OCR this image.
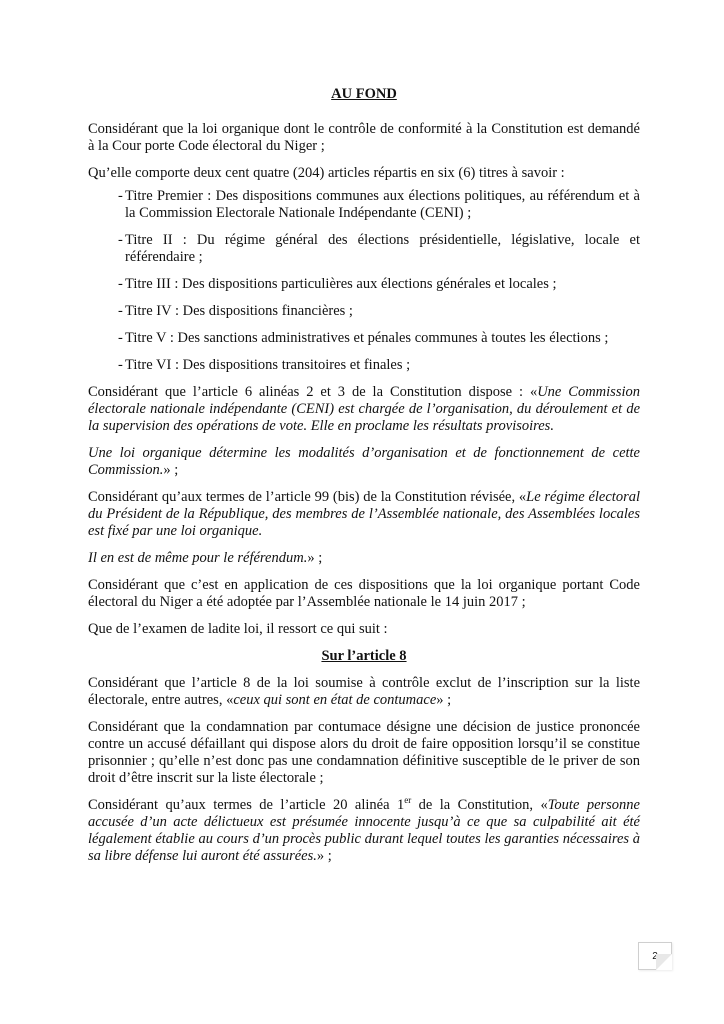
AU FOND

Considérant que la loi organique dont le contrôle de conformité à la Constitution est demandé à la Cour porte Code électoral du Niger ;

Qu’elle comporte deux cent quatre (204) articles répartis en six (6) titres à savoir :

- Titre Premier : Des dispositions communes aux élections politiques, au référendum et à la Commission Electorale Nationale Indépendante (CENI) ;
- Titre II : Du régime général des élections présidentielle, législative, locale et référendaire ;
- Titre III : Des dispositions particulières aux élections générales et locales ;
- Titre IV : Des dispositions financières ;
- Titre V : Des sanctions administratives et pénales communes à toutes les élections ;
- Titre VI : Des dispositions transitoires et finales ;

Considérant que l’article 6 alinéas 2 et 3 de la Constitution dispose : «Une Commission électorale nationale indépendante (CENI) est chargée de l’organisation, du déroulement et de la supervision des opérations de vote. Elle en proclame les résultats provisoires.

Une loi organique détermine les modalités d’organisation et de fonctionnement de cette Commission.» ;

Considérant qu’aux termes de l’article 99 (bis) de la Constitution révisée, «Le régime électoral du Président de la République, des membres de l’Assemblée nationale, des Assemblées locales est fixé par une loi organique.

Il en est de même pour le référendum.» ;

Considérant que c’est en application de ces dispositions que la loi organique portant Code électoral du Niger a été adoptée par l’Assemblée nationale le 14 juin 2017 ;

Que de l’examen de ladite loi, il ressort ce qui suit :

Sur l’article 8

Considérant que l’article 8 de la loi soumise à contrôle exclut de l’inscription sur la liste électorale, entre autres, «ceux qui sont en état de contumace» ;

Considérant que la condamnation par contumace désigne une décision de justice prononcée contre un accusé défaillant qui dispose alors du droit de faire opposition lorsqu’il se constitue prisonnier ; qu’elle n’est donc pas une condamnation définitive susceptible de le priver de son droit d’être inscrit sur la liste électorale ;

Considérant qu’aux termes de l’article 20 alinéa 1er de la Constitution, «Toute personne accusée d’un acte délictueux est présumée innocente jusqu’à ce que sa culpabilité ait été légalement établie au cours d’un procès public durant lequel toutes les garanties nécessaires à sa libre défense lui auront été assurées.» ;

2
